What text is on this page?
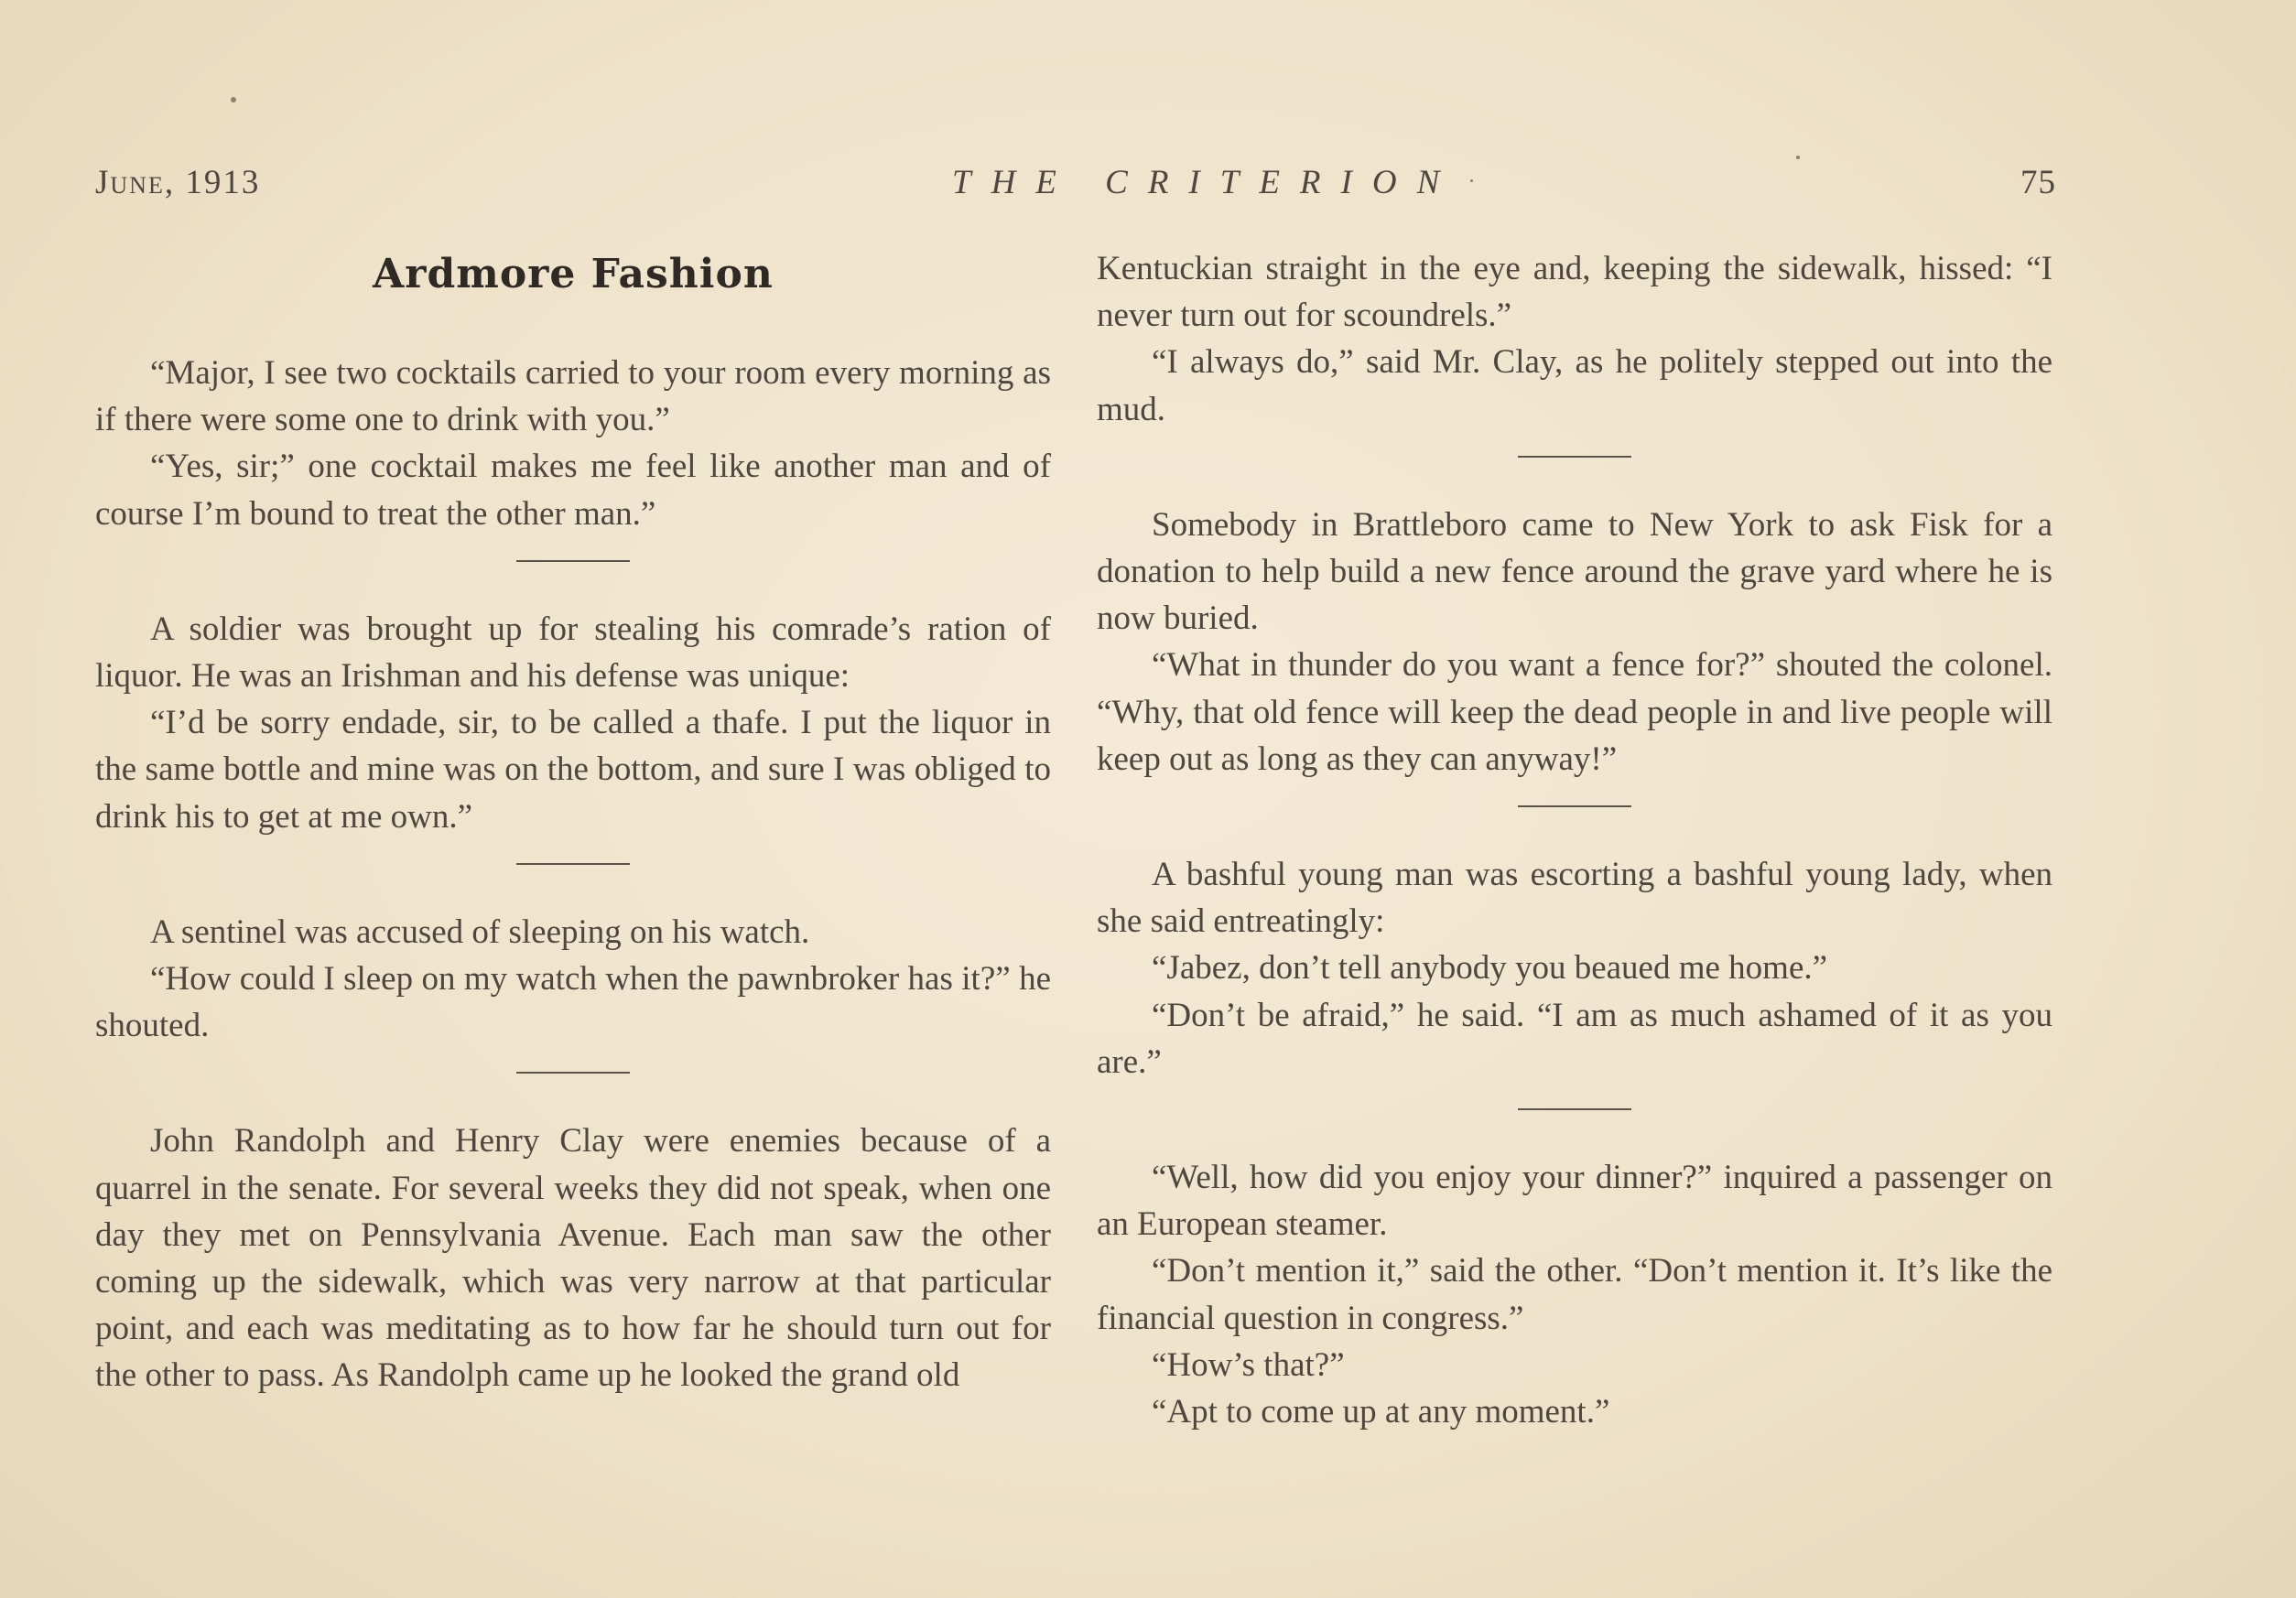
June, 1913	THE CRITERION	75
Ardmore Fashion

“Major, I see two cocktails carried to your room every morning as if there were some one to drink with you.”

“Yes, sir;” one cocktail makes me feel like another man and of course I’m bound to treat the other man.”

A soldier was brought up for stealing his comrade’s ration of liquor. He was an Irishman and his defense was unique:

“I’d be sorry endade, sir, to be called a thafe. I put the liquor in the same bottle and mine was on the bottom, and sure I was obliged to drink his to get at me own.”

A sentinel was accused of sleeping on his watch.

“How could I sleep on my watch when the pawnbroker has it?” he shouted.

John Randolph and Henry Clay were enemies because of a quarrel in the senate. For several weeks they did not speak, when one day they met on Pennsylvania Avenue. Each man saw the other coming up the sidewalk, which was very narrow at that particular point, and each was meditating as to how far he should turn out for the other to pass. As Randolph came up he looked the grand old

Kentuckian straight in the eye and, keeping the sidewalk, hissed: “I never turn out for scoundrels.”

“I always do,” said Mr. Clay, as he politely stepped out into the mud.

Somebody in Brattleboro came to New York to ask Fisk for a donation to help build a new fence around the grave yard where he is now buried.

“What in thunder do you want a fence for?” shouted the colonel. “Why, that old fence will keep the dead people in and live people will keep out as long as they can anyway!”

A bashful young man was escorting a bashful young lady, when she said entreatingly:

“Jabez, don’t tell anybody you beaued me home.”

“Don’t be afraid,” he said. “I am as much ashamed of it as you are.”

“Well, how did you enjoy your dinner?” inquired a passenger on an European steamer.

“Don’t mention it,” said the other. “Don’t mention it. It’s like the financial question in congress.”

“How’s that?”

“Apt to come up at any moment.”
